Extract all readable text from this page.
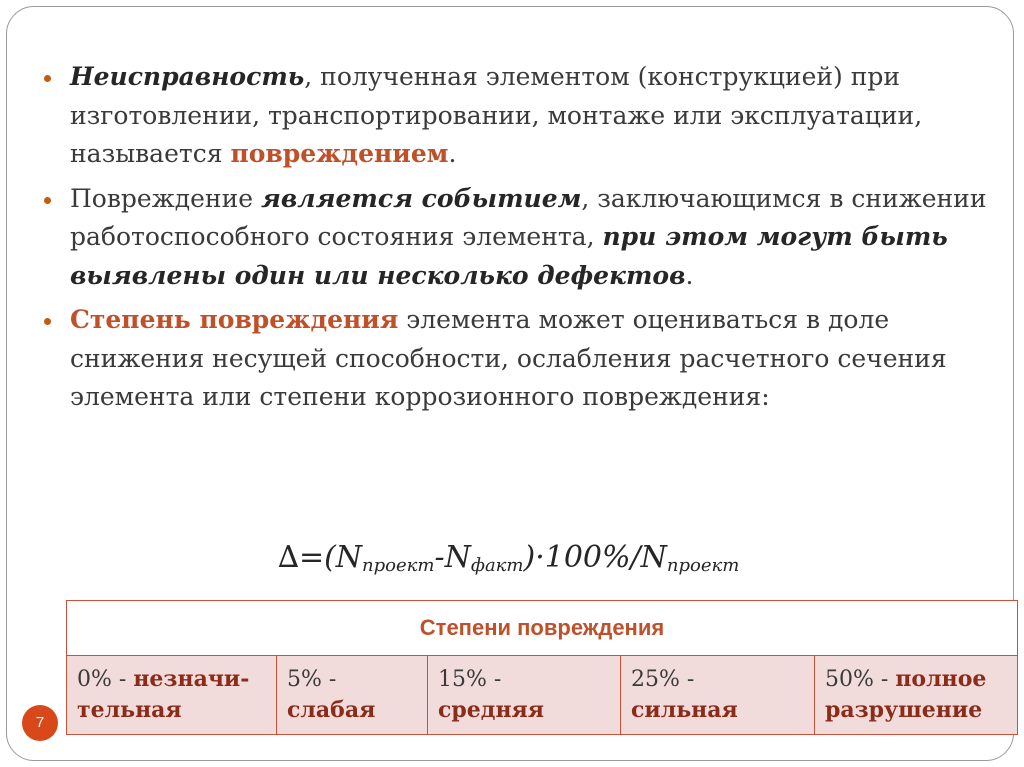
Неисправность, полученная элементом (конструкцией) при изготовлении, транспортировании, монтаже или эксплуатации, называется повреждением.
Повреждение является событием, заключающимся в снижении работоспособного состояния элемента, при этом могут быть выявлены один или несколько дефектов.
Степень повреждения элемента может оцениваться в доле снижения несущей способности, ослабления расчетного сечения элемента или степени коррозионного повреждения:
$\Delta=(N_{проект}-N_{факт})\cdot 100\%/N_{проект}$
Степени повреждения
0% - незначи-тельная
5% - слабая
15% - средняя
25% - сильная
50% - полное разрушение
7
